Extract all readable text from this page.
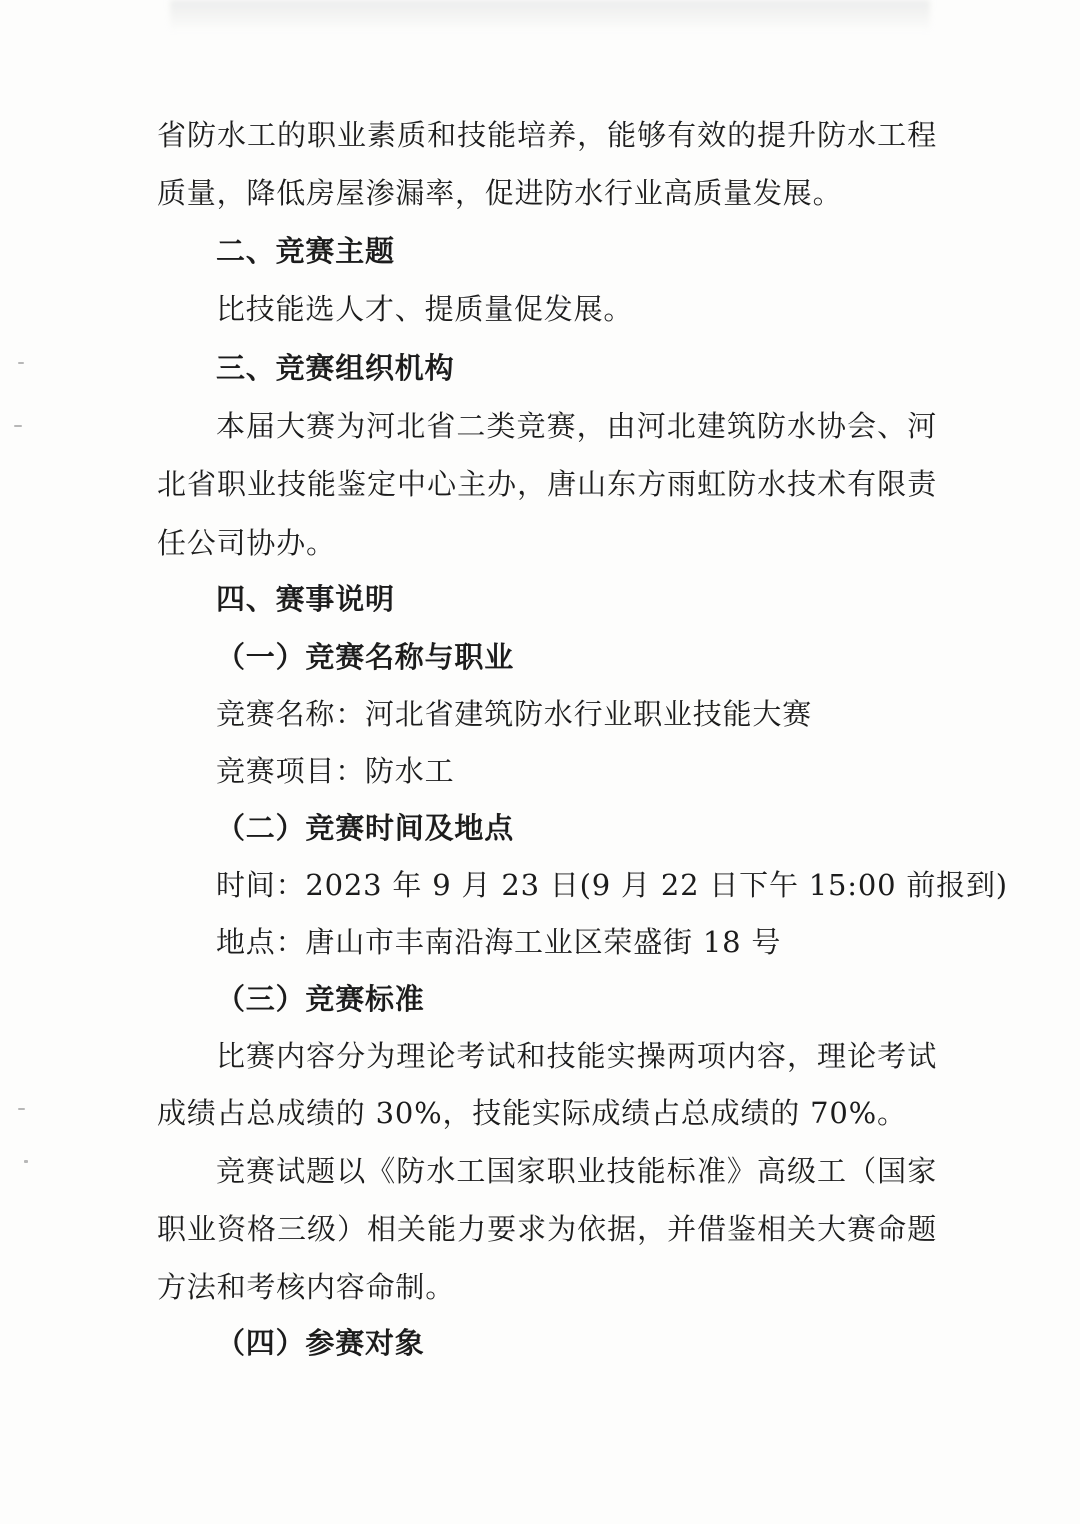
省防水工的职业素质和技能培养，能够有效的提升防水工程
质量，降低房屋渗漏率，促进防水行业高质量发展。
二、竞赛主题
比技能选人才、提质量促发展。
三、竞赛组织机构
本届大赛为河北省二类竞赛，由河北建筑防水协会、河
北省职业技能鉴定中心主办，唐山东方雨虹防水技术有限责
任公司协办。
四、赛事说明
（一）竞赛名称与职业
竞赛名称：河北省建筑防水行业职业技能大赛
竞赛项目：防水工
（二）竞赛时间及地点
时间：2023 年 9 月 23 日(9 月 22 日下午 15:00 前报到)
地点：唐山市丰南沿海工业区荣盛街 18 号
（三）竞赛标准
比赛内容分为理论考试和技能实操两项内容，理论考试
成绩占总成绩的 30%，技能实际成绩占总成绩的 70%。
竞赛试题以《防水工国家职业技能标准》高级工（国家
职业资格三级）相关能力要求为依据，并借鉴相关大赛命题
方法和考核内容命制。
（四）参赛对象
